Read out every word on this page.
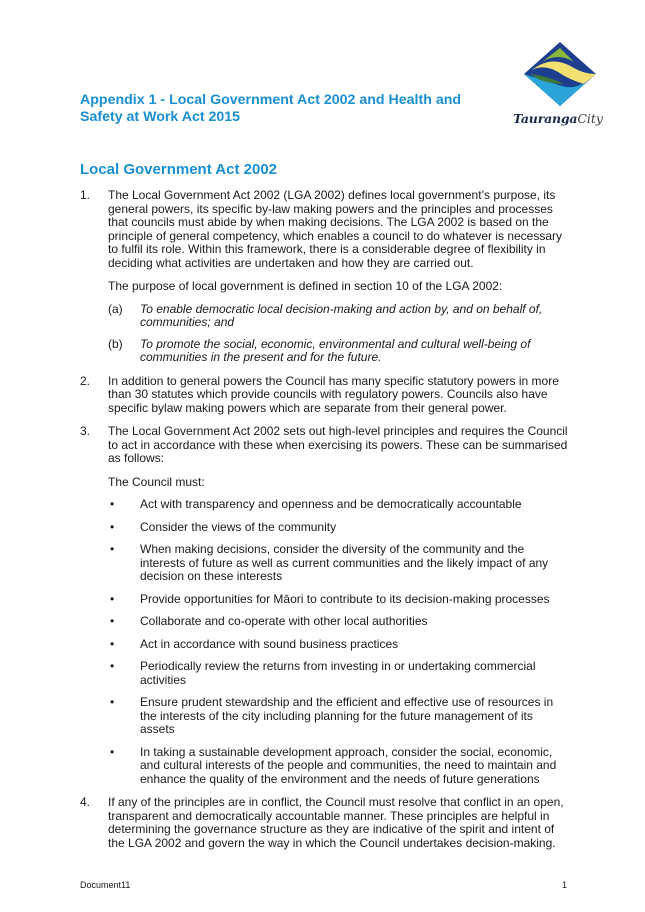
Appendix 1 - Local Government Act 2002 and Health and Safety at Work Act 2015	TaurangaCity
Local Government Act 2002
1. The Local Government Act 2002 (LGA 2002) defines local government’s purpose, its general powers, its specific by-law making powers and the principles and processes that councils must abide by when making decisions. The LGA 2002 is based on the principle of general competency, which enables a council to do whatever is necessary to fulfil its role. Within this framework, there is a considerable degree of flexibility in deciding what activities are undertaken and how they are carried out.
The purpose of local government is defined in section 10 of the LGA 2002:
(a) To enable democratic local decision-making and action by, and on behalf of, communities; and
(b) To promote the social, economic, environmental and cultural well-being of communities in the present and for the future.
2. In addition to general powers the Council has many specific statutory powers in more than 30 statutes which provide councils with regulatory powers. Councils also have specific bylaw making powers which are separate from their general power.
3. The Local Government Act 2002 sets out high-level principles and requires the Council to act in accordance with these when exercising its powers. These can be summarised as follows:
The Council must:
• Act with transparency and openness and be democratically accountable
• Consider the views of the community
• When making decisions, consider the diversity of the community and the interests of future as well as current communities and the likely impact of any decision on these interests
• Provide opportunities for Māori to contribute to its decision-making processes
• Collaborate and co-operate with other local authorities
• Act in accordance with sound business practices
• Periodically review the returns from investing in or undertaking commercial activities
• Ensure prudent stewardship and the efficient and effective use of resources in the interests of the city including planning for the future management of its assets
• In taking a sustainable development approach, consider the social, economic, and cultural interests of the people and communities, the need to maintain and enhance the quality of the environment and the needs of future generations
4. If any of the principles are in conflict, the Council must resolve that conflict in an open, transparent and democratically accountable manner. These principles are helpful in determining the governance structure as they are indicative of the spirit and intent of the LGA 2002 and govern the way in which the Council undertakes decision-making.
Document11	1
